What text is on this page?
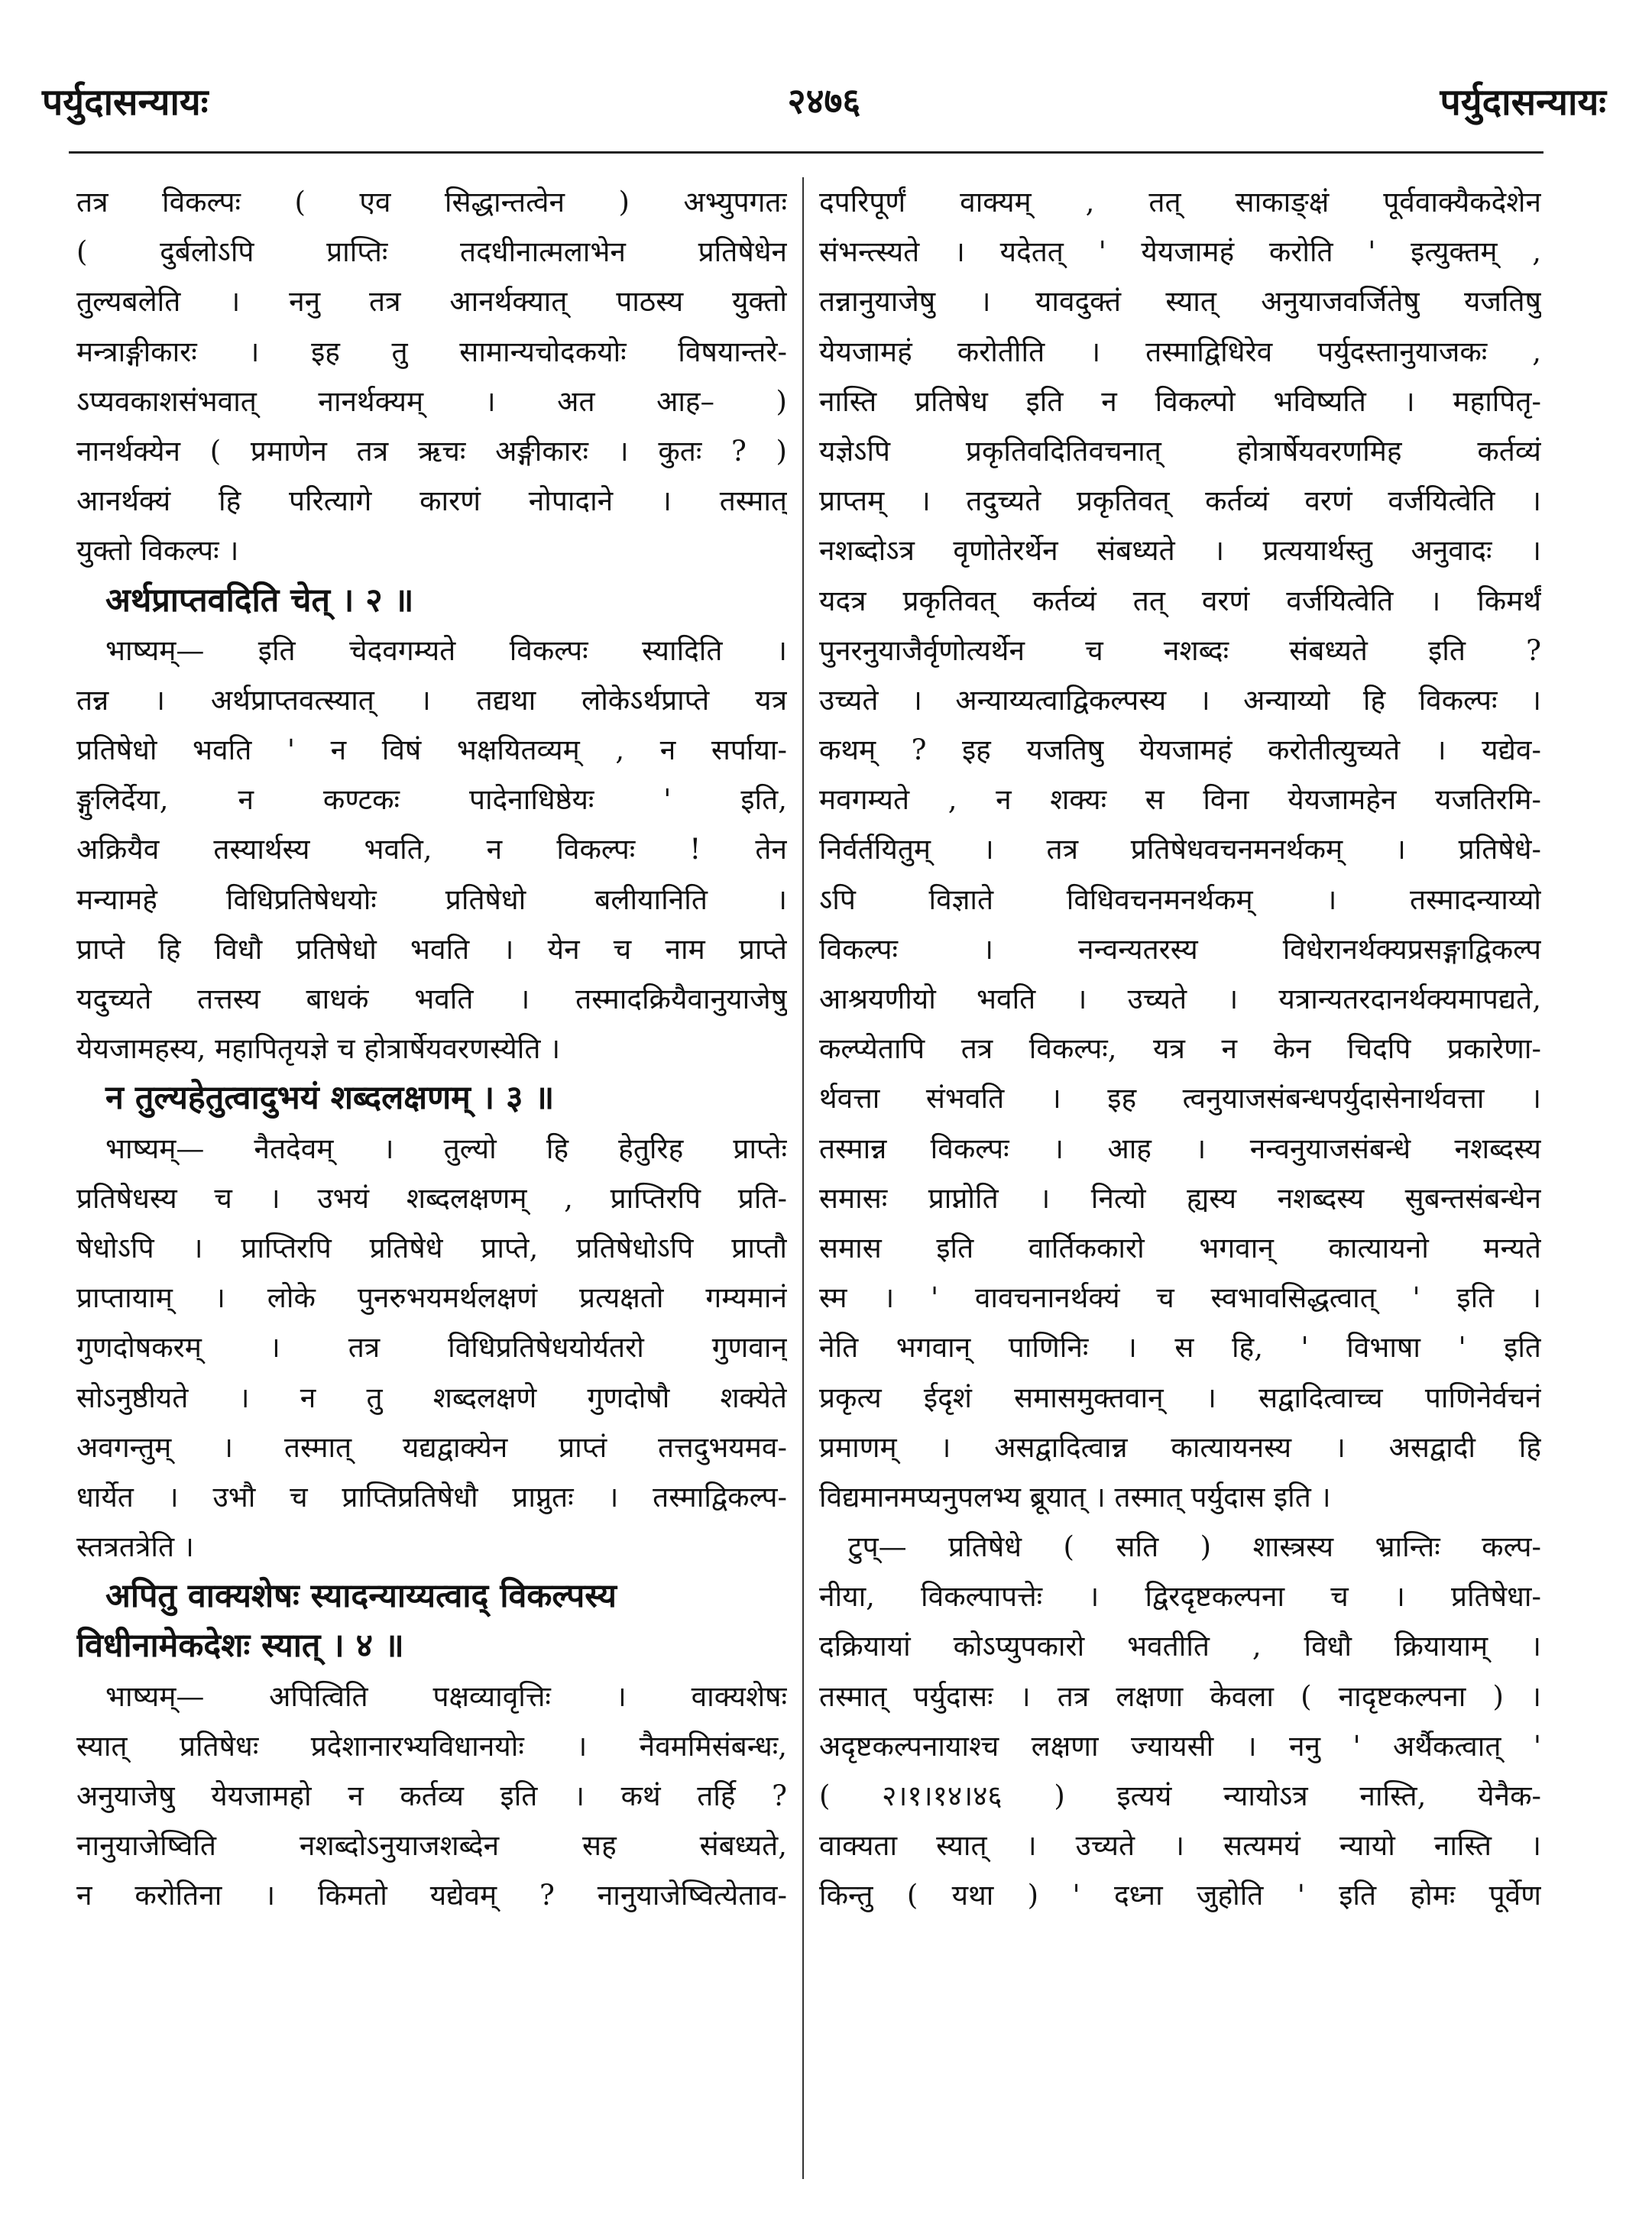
पर्युदासन्यायः	२४७६	पर्युदासन्यायः
तत्र विकल्पः ( एव सिद्धान्तत्वेन ) अभ्युपगतः
( दुर्बलोऽपि प्राप्तिः तदधीनात्मलाभेन प्रतिषेधेन
तुल्यबलेति । ननु तत्र आनर्थक्यात् पाठस्य युक्तो
मन्त्राङ्गीकारः । इह तु सामान्यचोदकयोः विषयान्तरे-
ऽप्यवकाशसंभवात् नानर्थक्यम् । अत आह– )
नानर्थक्येन ( प्रमाणेन तत्र ऋचः अङ्गीकारः । कुतः ? )
आनर्थक्यं हि परित्यागे कारणं नोपादाने । तस्मात्
युक्तो विकल्पः ।
अर्थप्राप्तवदिति चेत् । २ ॥
भाष्यम्— इति चेदवगम्यते विकल्पः स्यादिति ।
तन्न । अर्थप्राप्तवत्स्यात् । तद्यथा लोकेऽर्थप्राप्ते यत्र
प्रतिषेधो भवति ' न विषं भक्षयितव्यम् , न सर्पाया-
ङ्गुलिर्देया, न कण्टकः पादेनाधिष्ठेयः ' इति,
अक्रियैव तस्यार्थस्य भवति, न विकल्पः ! तेन
मन्यामहे विधिप्रतिषेधयोः प्रतिषेधो बलीयानिति ।
प्राप्ते हि विधौ प्रतिषेधो भवति । येन च नाम प्राप्ते
यदुच्यते तत्तस्य बाधकं भवति । तस्मादक्रियैवानुयाजेषु
येयजामहस्य, महापितृयज्ञे च होत्रार्षेयवरणस्येति ।
न तुल्यहेतुत्वादुभयं शब्दलक्षणम् । ३ ॥
भाष्यम्— नैतदेवम् । तुल्यो हि हेतुरिह प्राप्तेः
प्रतिषेधस्य च । उभयं शब्दलक्षणम् , प्राप्तिरपि प्रति-
षेधोऽपि । प्राप्तिरपि प्रतिषेधे प्राप्ते, प्रतिषेधोऽपि प्राप्तौ
प्राप्तायाम् । लोके पुनरुभयमर्थलक्षणं प्रत्यक्षतो गम्यमानं
गुणदोषकरम् । तत्र विधिप्रतिषेधयोर्यतरो गुणवान्
सोऽनुष्ठीयते । न तु शब्दलक्षणे गुणदोषौ शक्येते
अवगन्तुम् । तस्मात् यद्यद्वाक्येन प्राप्तं तत्तदुभयमव-
धार्येत । उभौ च प्राप्तिप्रतिषेधौ प्राप्नुतः । तस्माद्विकल्प-
स्तत्रतत्रेति ।
अपितु वाक्यशेषः स्यादन्याय्यत्वाद् विकल्पस्य
विधीनामेकदेशः स्यात् । ४ ॥
भाष्यम्— अपित्विति पक्षव्यावृत्तिः । वाक्यशेषः
स्यात् प्रतिषेधः प्रदेशानारभ्यविधानयोः । नैवममिसंबन्धः,
अनुयाजेषु येयजामहो न कर्तव्य इति । कथं तर्हि ?
नानुयाजेष्विति नशब्दोऽनुयाजशब्देन सह संबध्यते,
न करोतिना । किमतो यद्येवम् ? नानुयाजेष्वित्येताव-
दपरिपूर्णं वाक्यम् , तत् साकाङ्क्षं पूर्ववाक्यैकदेशेन
संभन्त्स्यते । यदेतत् ' येयजामहं करोति ' इत्युक्तम् ,
तन्नानुयाजेषु । यावदुक्तं स्यात् अनुयाजवर्जितेषु यजतिषु
येयजामहं करोतीति । तस्माद्विधिरेव पर्युदस्तानुयाजकः ,
नास्ति प्रतिषेध इति न विकल्पो भविष्यति । महापितृ-
यज्ञेऽपि प्रकृतिवदितिवचनात् होत्रार्षेयवरणमिह कर्तव्यं
प्राप्तम् । तदुच्यते प्रकृतिवत् कर्तव्यं वरणं वर्जयित्वेति ।
नशब्दोऽत्र वृणोतेरर्थेन संबध्यते । प्रत्ययार्थस्तु अनुवादः ।
यदत्र प्रकृतिवत् कर्तव्यं तत् वरणं वर्जयित्वेति । किमर्थं
पुनरनुयाजैर्वृणोत्यर्थेन च नशब्दः संबध्यते इति ?
उच्यते । अन्याय्यत्वाद्विकल्पस्य । अन्याय्यो हि विकल्पः ।
कथम् ? इह यजतिषु येयजामहं करोतीत्युच्यते । यद्येव-
मवगम्यते , न शक्यः स विना येयजामहेन यजतिरमि-
निर्वर्तयितुम् । तत्र प्रतिषेधवचनमनर्थकम् । प्रतिषेधे-
ऽपि विज्ञाते विधिवचनमनर्थकम् । तस्मादन्याय्यो
विकल्पः । नन्वन्यतरस्य विधेरानर्थक्यप्रसङ्गाद्विकल्प
आश्रयणीयो भवति । उच्यते । यत्रान्यतरदानर्थक्यमापद्यते,
कल्प्येतापि तत्र विकल्पः, यत्र न केन चिदपि प्रकारेणा-
र्थवत्ता संभवति । इह त्वनुयाजसंबन्धपर्युदासेनार्थवत्ता ।
तस्मान्न विकल्पः । आह । नन्वनुयाजसंबन्धे नशब्दस्य
समासः प्राप्नोति । नित्यो ह्यस्य नशब्दस्य सुबन्तसंबन्धेन
समास इति वार्तिककारो भगवान् कात्यायनो मन्यते
स्म । ' वावचनानर्थक्यं च स्वभावसिद्धत्वात् ' इति ।
नेति भगवान् पाणिनिः । स हि, ' विभाषा ' इति
प्रकृत्य ईदृशं समासमुक्तवान् । सद्वादित्वाच्च पाणिनेर्वचनं
प्रमाणम् । असद्वादित्वान्न कात्यायनस्य । असद्वादी हि
विद्यमानमप्यनुपलभ्य ब्रूयात् । तस्मात् पर्युदास इति ।
टुप्— प्रतिषेधे ( सति ) शास्त्रस्य भ्रान्तिः कल्प-
नीया, विकल्पापत्तेः । द्विरदृष्टकल्पना च । प्रतिषेधा-
दक्रियायां कोऽप्युपकारो भवतीति , विधौ क्रियायाम् ।
तस्मात् पर्युदासः । तत्र लक्षणा केवला ( नादृष्टकल्पना ) ।
अदृष्टकल्पनायाश्च लक्षणा ज्यायसी । ननु ' अर्थैकत्वात् '
( २।१।१४।४६ ) इत्ययं न्यायोऽत्र नास्ति, येनैक-
वाक्यता स्यात् । उच्यते । सत्यमयं न्यायो नास्ति ।
किन्तु ( यथा ) ' दध्ना जुहोति ' इति होमः पूर्वेण
